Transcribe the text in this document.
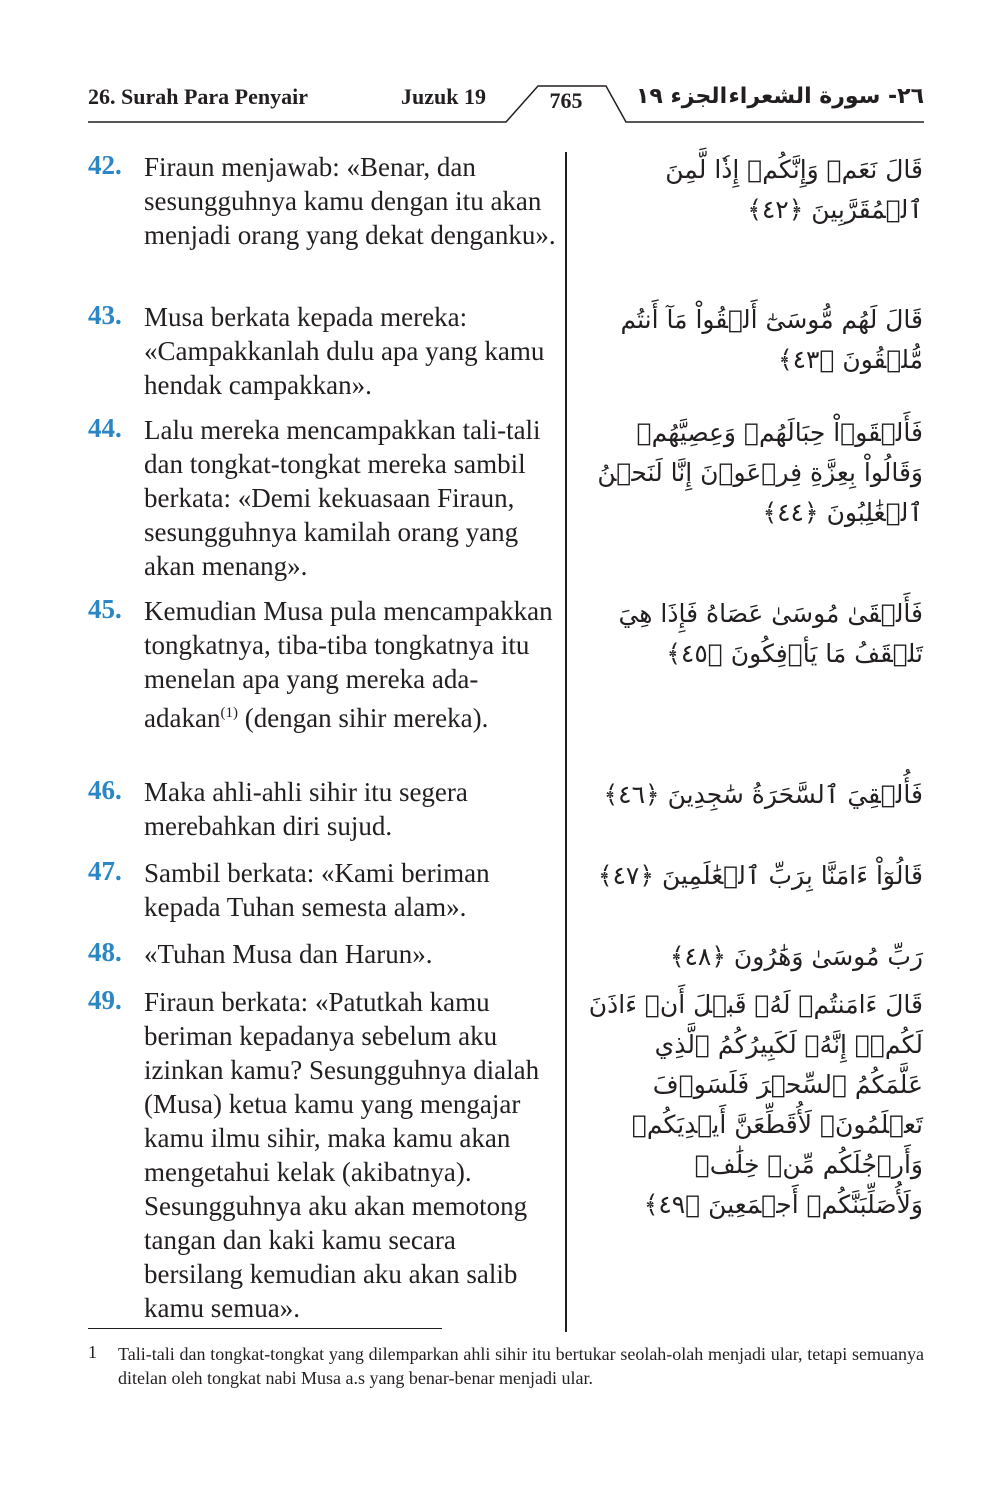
26. Surah Para Penyair	Juzuk 19	765	الجزء ١٩ ٢٦- سورة الشعراء
42. Firaun menjawab: «Benar, dan sesungguhnya kamu dengan itu akan menjadi orang yang dekat denganku».
قَالَ نَعَمۡ وَإِنَّكُمۡ إِذٗا لَّمِنَ ٱلۡمُقَرَّبِينَ ﴿٤٢﴾
43. Musa berkata kepada mereka: «Campakkanlah dulu apa yang kamu hendak campakkan».
قَالَ لَهُم مُّوسَىٰٓ أَلۡقُواْ مَآ أَنتُم مُّلۡقُونَ ﴿٤٣﴾
44. Lalu mereka mencampakkan tali-tali dan tongkat-tongkat mereka sambil berkata: «Demi kekuasaan Firaun, sesungguhnya kamilah orang yang akan menang».
فَأَلۡقَوۡاْ حِبَالَهُمۡ وَعِصِيَّهُمۡ وَقَالُواْ بِعِزَّةِ فِرۡعَوۡنَ إِنَّا لَنَحۡنُ ٱلۡغَٰلِبُونَ ﴿٤٤﴾
45. Kemudian Musa pula mencampakkan tongkatnya, tiba-tiba tongkatnya itu menelan apa yang mereka ada-adakan$^{(1)}$ (dengan sihir mereka).
فَأَلۡقَىٰ مُوسَىٰ عَصَاهُ فَإِذَا هِيَ تَلۡقَفُ مَا يَأۡفِكُونَ ﴿٤٥﴾
46. Maka ahli-ahli sihir itu segera merebahkan diri sujud.
فَأُلۡقِيَ ٱلسَّحَرَةُ سَٰجِدِينَ ﴿٤٦﴾
47. Sambil berkata: «Kami beriman kepada Tuhan semesta alam».
قَالُوٓاْ ءَامَنَّا بِرَبِّ ٱلۡعَٰلَمِينَ ﴿٤٧﴾
48. «Tuhan Musa dan Harun».	رَبِّ مُوسَىٰ وَهَٰرُونَ ﴿٤٨﴾
49. Firaun berkata: «Patutkah kamu beriman kepadanya sebelum aku izinkan kamu? Sesungguhnya dialah (Musa) ketua kamu yang mengajar kamu ilmu sihir, maka kamu akan mengetahui kelak (akibatnya). Sesungguhnya aku akan memotong tangan dan kaki kamu secara bersilang kemudian aku akan salib kamu semua».
قَالَ ءَامَنتُمۡ لَهُۥ قَبۡلَ أَنۡ ءَاذَنَ لَكُمۡۖ إِنَّهُۥ لَكَبِيرُكُمُ ٱلَّذِي عَلَّمَكُمُ ٱلسِّحۡرَ فَلَسَوۡفَ تَعۡلَمُونَۚ لَأُقَطِّعَنَّ أَيۡدِيَكُمۡ وَأَرۡجُلَكُم مِّنۡ خِلَٰفٖ وَلَأُصَلِّبَنَّكُمۡ أَجۡمَعِينَ ﴿٤٩﴾
1 Tali-tali dan tongkat-tongkat yang dilemparkan ahli sihir itu bertukar seolah-olah menjadi ular, tetapi semuanya ditelan oleh tongkat nabi Musa a.s yang benar-benar menjadi ular.
